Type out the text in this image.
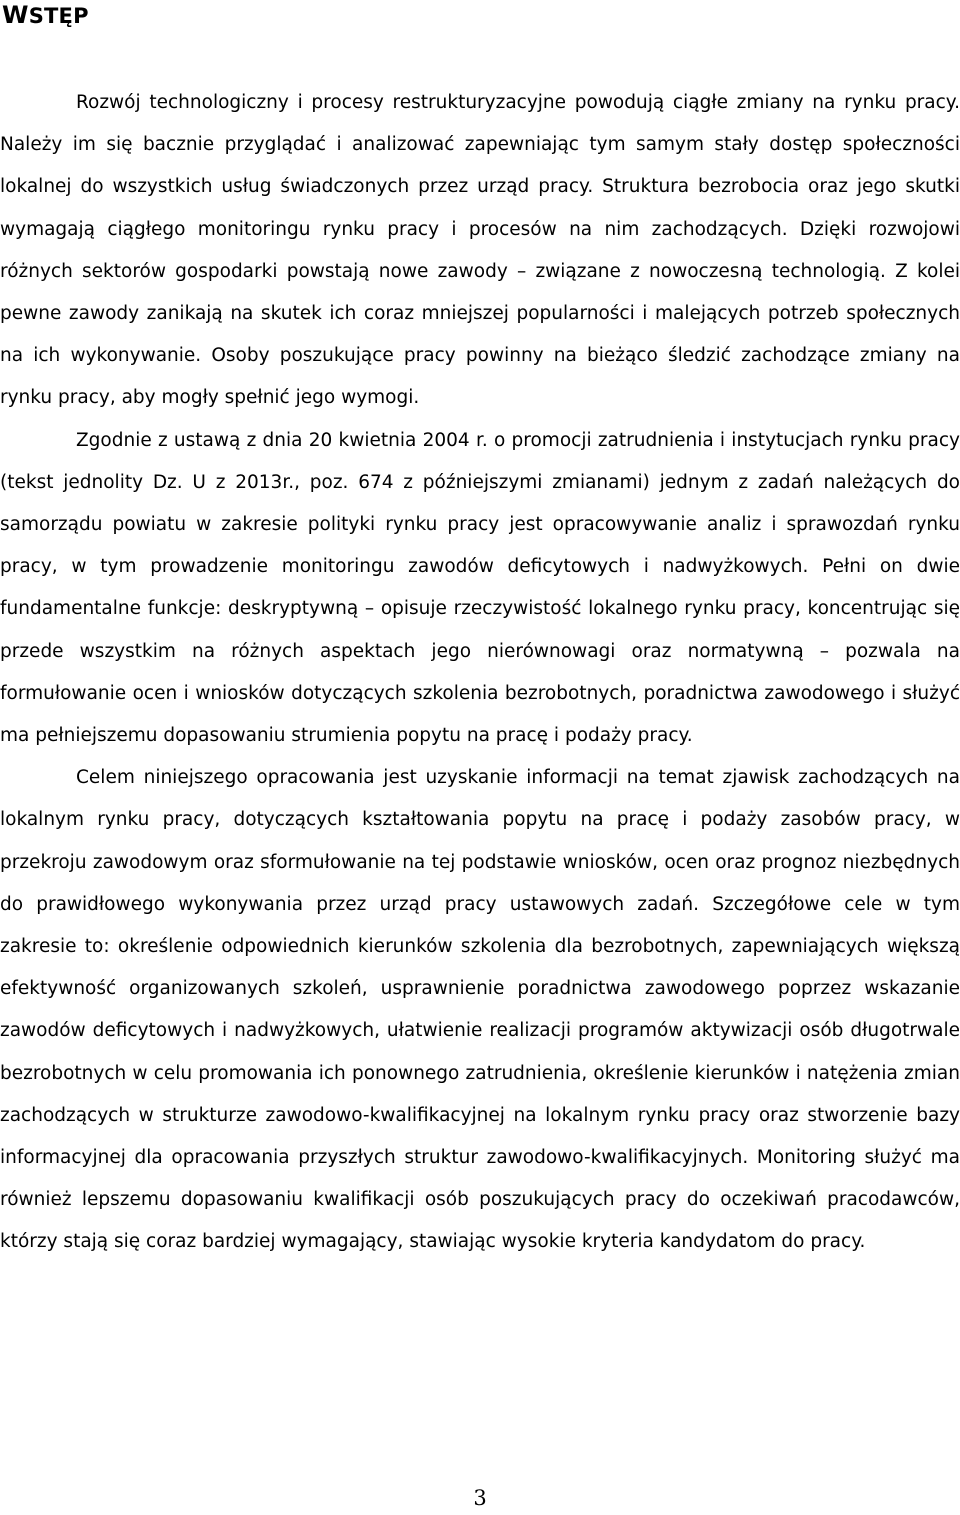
WSTĘP

Rozwój technologiczny i procesy restrukturyzacyjne powodują ciągłe zmiany na rynku pracy. Należy im się bacznie przyglądać i analizować zapewniając tym samym stały dostęp społeczności lokalnej do wszystkich usług świadczonych przez urząd pracy. Struktura bezrobocia oraz jego skutki wymagają ciągłego monitoringu rynku pracy i procesów na nim zachodzących. Dzięki rozwojowi różnych sektorów gospodarki powstają nowe zawody – związane z nowoczesną technologią. Z kolei pewne zawody zanikają na skutek ich coraz mniejszej popularności i malejących potrzeb społecznych na ich wykonywanie. Osoby poszukujące pracy powinny na bieżąco śledzić zachodzące zmiany na rynku pracy, aby mogły spełnić jego wymogi.

Zgodnie z ustawą z dnia 20 kwietnia 2004 r. o promocji zatrudnienia i instytucjach rynku pracy (tekst jednolity Dz. U z 2013r., poz. 674 z późniejszymi zmianami) jednym z zadań należących do samorządu powiatu w zakresie polityki rynku pracy jest opracowywanie analiz i sprawozdań rynku pracy, w tym prowadzenie monitoringu zawodów deficytowych i nadwyżkowych. Pełni on dwie fundamentalne funkcje: deskryptywną – opisuje rzeczywistość lokalnego rynku pracy, koncentrując się przede wszystkim na różnych aspektach jego nierównowagi oraz normatywną – pozwala na formułowanie ocen i wniosków dotyczących szkolenia bezrobotnych, poradnictwa zawodowego i służyć ma pełniejszemu dopasowaniu strumienia popytu na pracę i podaży pracy.

Celem niniejszego opracowania jest uzyskanie informacji na temat zjawisk zachodzących na lokalnym rynku pracy, dotyczących kształtowania popytu na pracę i podaży zasobów pracy, w przekroju zawodowym oraz sformułowanie na tej podstawie wniosków, ocen oraz prognoz niezbędnych do prawidłowego wykonywania przez urząd pracy ustawowych zadań. Szczegółowe cele w tym zakresie to: określenie odpowiednich kierunków szkolenia dla bezrobotnych, zapewniających większą efektywność organizowanych szkoleń, usprawnienie poradnictwa zawodowego poprzez wskazanie zawodów deficytowych i nadwyżkowych, ułatwienie realizacji programów aktywizacji osób długotrwale bezrobotnych w celu promowania ich ponownego zatrudnienia, określenie kierunków i natężenia zmian zachodzących w strukturze zawodowo-kwalifikacyjnej na lokalnym rynku pracy oraz stworzenie bazy informacyjnej dla opracowania przyszłych struktur zawodowo-kwalifikacyjnych. Monitoring służyć ma również lepszemu dopasowaniu kwalifikacji osób poszukujących pracy do oczekiwań pracodawców, którzy stają się coraz bardziej wymagający, stawiając wysokie kryteria kandydatom do pracy.

3
